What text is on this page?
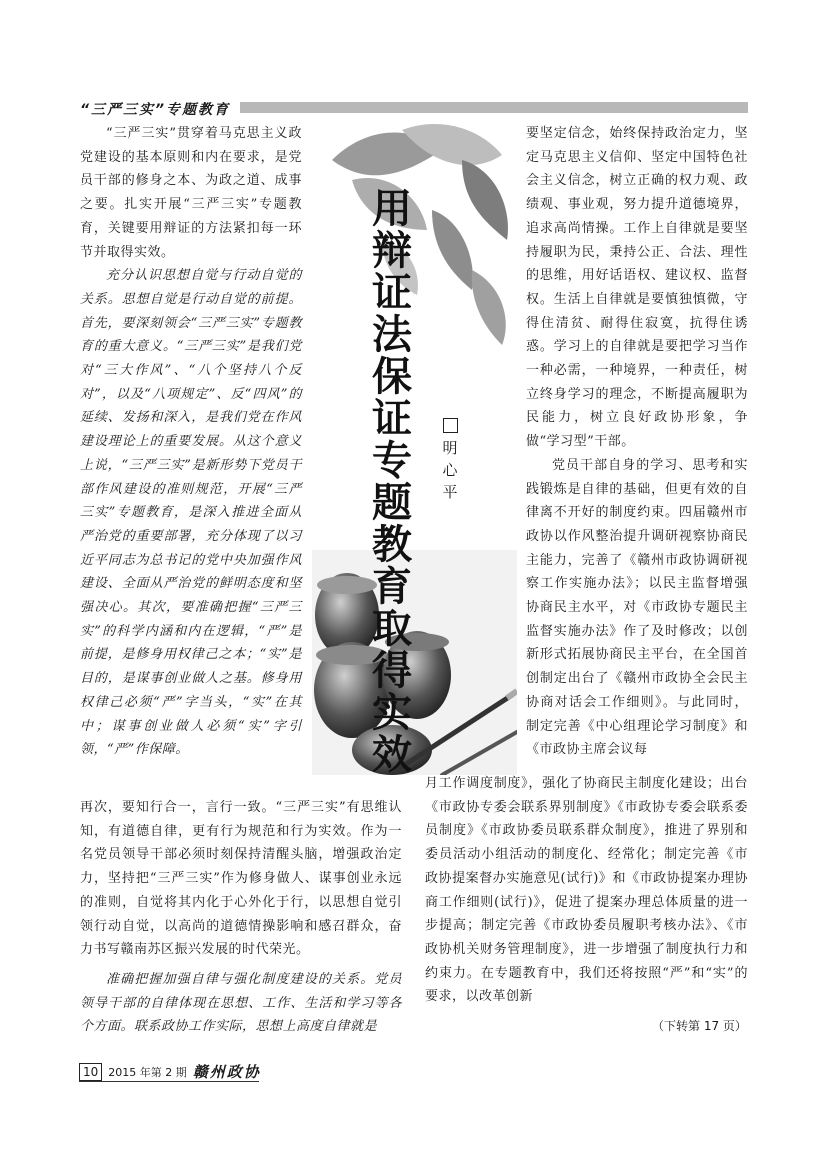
“三严三实”专题教育

“三严三实”贯穿着马克思主义政党建设的基本原则和内在要求，是党员干部的修身之本、为政之道、成事之要。扎实开展“三严三实”专题教育，关键要用辩证的方法紧扣每一环节并取得实效。

充分认识思想自觉与行动自觉的关系。思想自觉是行动自觉的前提。首先，要深刻领会“三严三实”专题教育的重大意义。“三严三实”是我们党对“三大作风”、“八个坚持八个反对”，以及“八项规定”、反“四风”的延续、发扬和深入，是我们党在作风建设理论上的重要发展。从这个意义上说，“三严三实”是新形势下党员干部作风建设的准则规范，开展“三严三实”专题教育，是深入推进全面从严治党的重要部署，充分体现了以习近平同志为总书记的党中央加强作风建设、全面从严治党的鲜明态度和坚强决心。其次，要准确把握“三严三实”的科学内涵和内在逻辑，“严”是前提，是修身用权律己之本；“实”是目的，是谋事创业做人之基。修身用权律己必须“严”字当头，“实”在其中；谋事创业做人必须“实”字引领，“严”作保障。

用
辩
证
法
保
证
专
题
教
育
取
得
实
效
明
心
平

要坚定信念，始终保持政治定力，坚定马克思主义信仰、坚定中国特色社会主义信念，树立正确的权力观、政绩观、事业观，努力提升道德境界，追求高尚情操。工作上自律就是要坚持履职为民，秉持公正、合法、理性的思维，用好话语权、建议权、监督权。生活上自律就是要慎独慎微，守得住清贫、耐得住寂寞，抗得住诱惑。学习上的自律就是要把学习当作一种必需，一种境界，一种责任，树立终身学习的理念，不断提高履职为民能力，树立良好政协形象，争做“学习型”干部。

党员干部自身的学习、思考和实践锻炼是自律的基础，但更有效的自律离不开好的制度约束。四届赣州市政协以作风整治提升调研视察协商民主能力，完善了《赣州市政协调研视察工作实施办法》；以民主监督增强协商民主水平，对《市政协专题民主监督实施办法》作了及时修改；以创新形式拓展协商民主平台，在全国首创制定出台了《赣州市政协全会民主协商对话会工作细则》。与此同时，制定完善《中心组理论学习制度》和《市政协主席会议每

再次，要知行合一，言行一致。“三严三实”有思维认知，有道德自律，更有行为规范和行为实效。作为一名党员领导干部必须时刻保持清醒头脑，增强政治定力，坚持把“三严三实”作为修身做人、谋事创业永远的准则，自觉将其内化于心外化于行，以思想自觉引领行动自觉，以高尚的道德情操影响和感召群众，奋力书写赣南苏区振兴发展的时代荣光。

准确把握加强自律与强化制度建设的关系。党员领导干部的自律体现在思想、工作、生活和学习等各个方面。联系政协工作实际，思想上高度自律就是

月工作调度制度》，强化了协商民主制度化建设；出台《市政协专委会联系界别制度》《市政协专委会联系委员制度》《市政协委员联系群众制度》，推进了界别和委员活动小组活动的制度化、经常化；制定完善《市政协提案督办实施意见(试行)》和《市政协提案办理协商工作细则(试行)》，促进了提案办理总体质量的进一步提高；制定完善《市政协委员履职考核办法》、《市政协机关财务管理制度》，进一步增强了制度执行力和约束力。在专题教育中，我们还将按照“严”和“实”的要求，以改革创新

（下转第 17 页）
10 2015 年第 2 期 赣州政协
